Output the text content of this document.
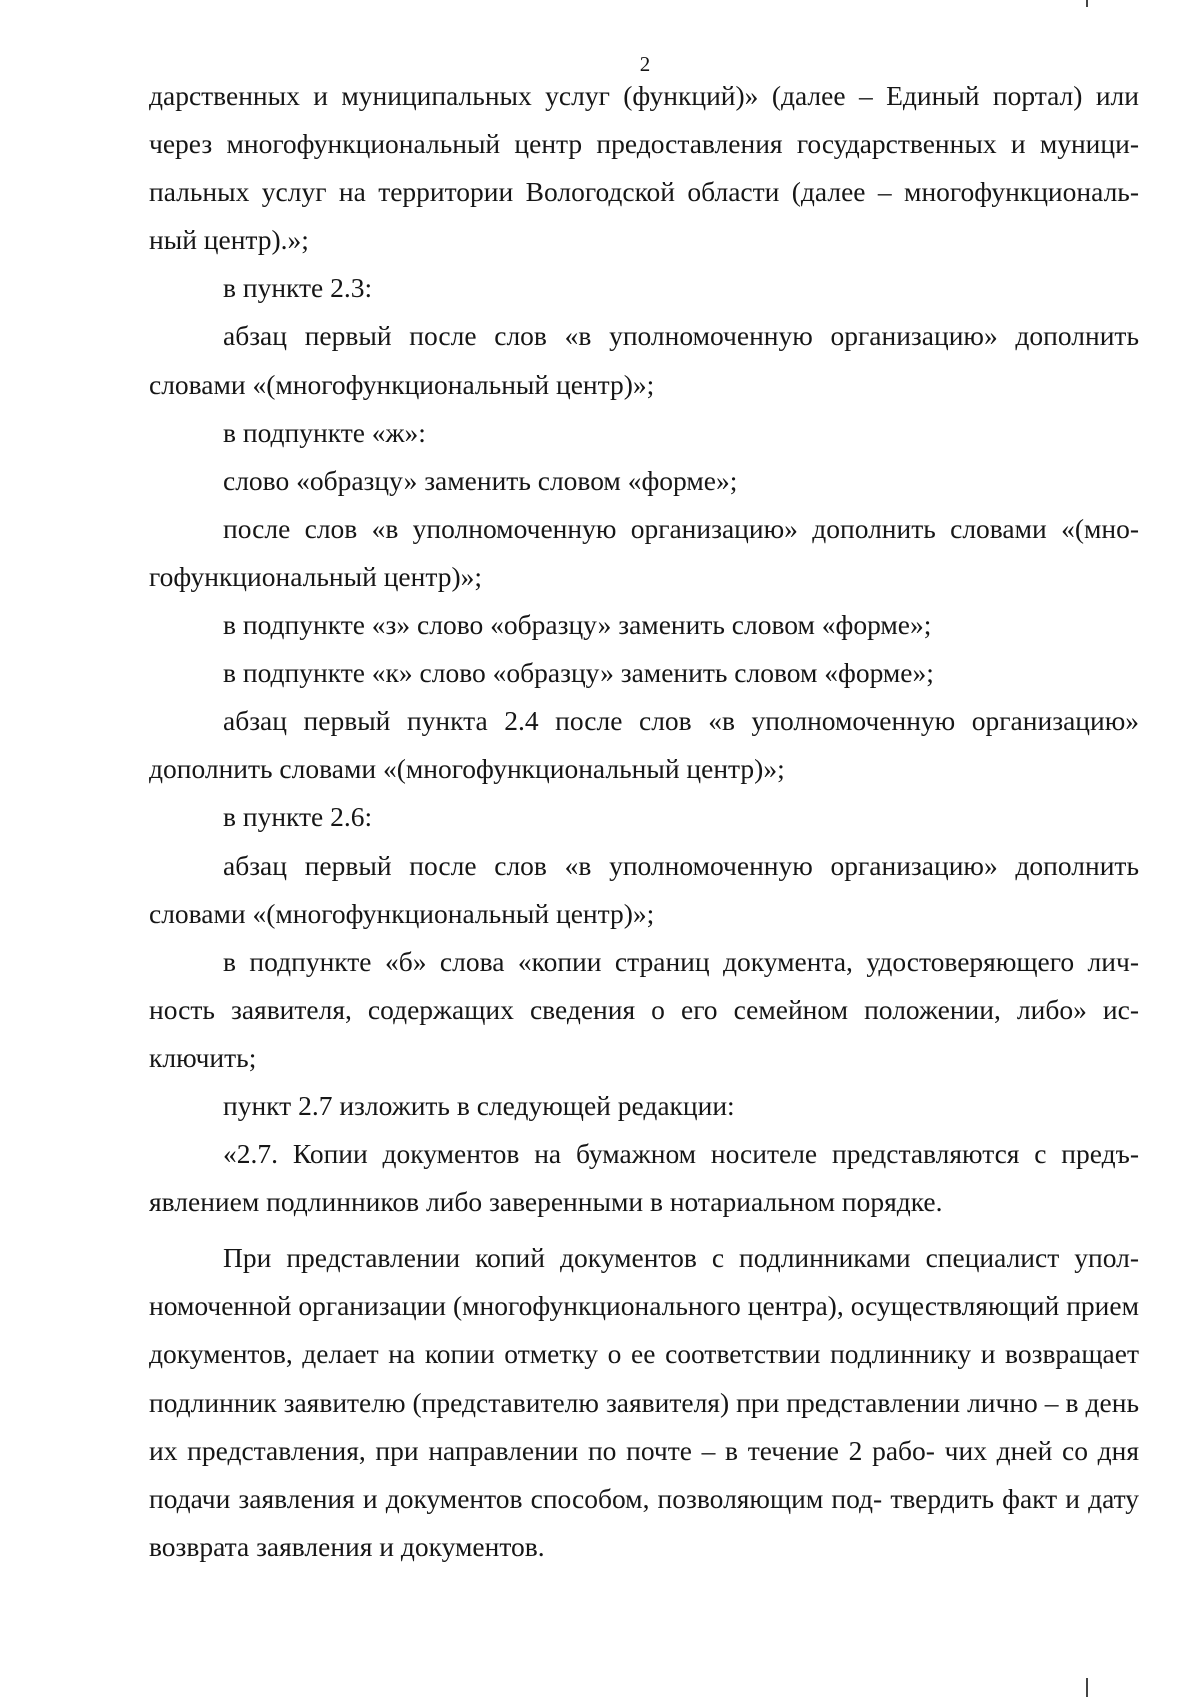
2

дарственных и муниципальных услуг (функций)» (далее – Единый портал) или через многофункциональный центр предоставления государственных и муници- пальных услуг на территории Вологодской области (далее – многофункциональ- ный центр).»;

в пункте 2.3:

абзац первый после слов «в уполномоченную организацию» дополнить словами «(многофункциональный центр)»;

в подпункте «ж»:

слово «образцу» заменить словом «форме»;

после слов «в уполномоченную организацию» дополнить словами «(мно- гофункциональный центр)»;

в подпункте «з» слово «образцу» заменить словом «форме»;

в подпункте «к» слово «образцу» заменить словом «форме»;

абзац первый пункта 2.4 после слов «в уполномоченную организацию» дополнить словами «(многофункциональный центр)»;

в пункте 2.6:

абзац первый после слов «в уполномоченную организацию» дополнить словами «(многофункциональный центр)»;

в подпункте «б» слова «копии страниц документа, удостоверяющего лич- ность заявителя, содержащих сведения о его семейном положении, либо» ис- ключить;

пункт 2.7 изложить в следующей редакции:

«2.7. Копии документов на бумажном носителе представляются с предъ- явлением подлинников либо заверенными в нотариальном порядке.

При представлении копий документов с подлинниками специалист упол- номоченной организации (многофункционального центра), осуществляющий прием документов, делает на копии отметку о ее соответствии подлиннику и возвращает подлинник заявителю (представителю заявителя) при представлении лично – в день их представления, при направлении по почте – в течение 2 рабо- чих дней со дня подачи заявления и документов способом, позволяющим под- твердить факт и дату возврата заявления и документов.
